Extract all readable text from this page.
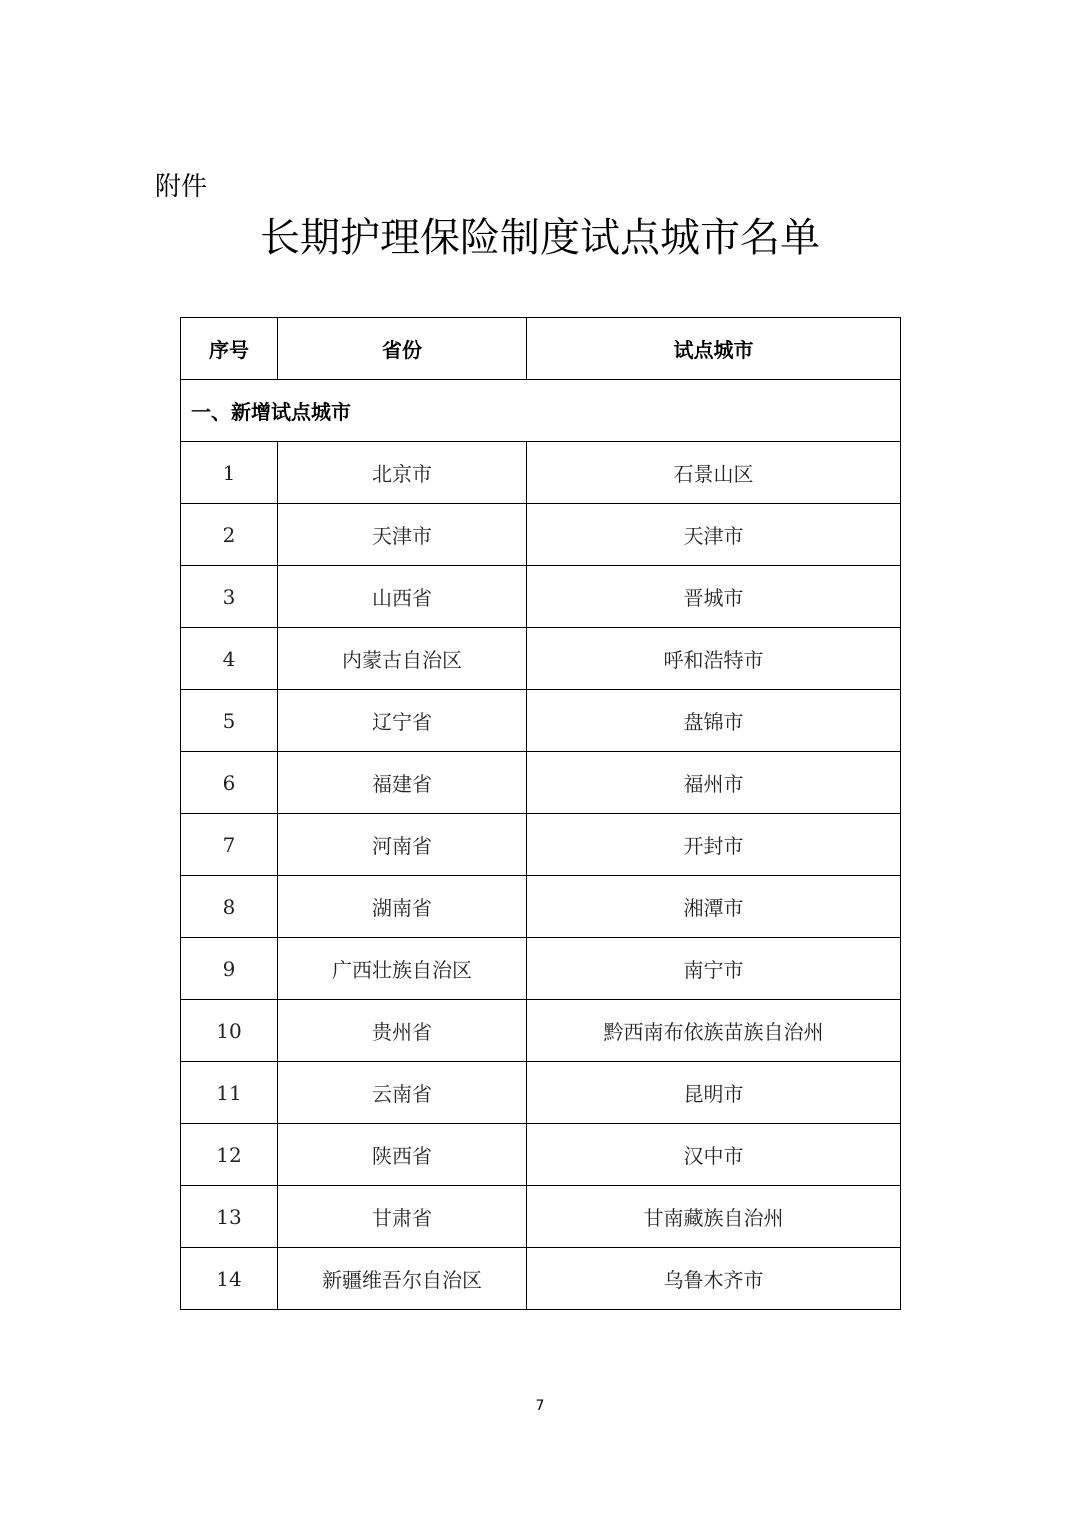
附件
长期护理保险制度试点城市名单
序号	省份	试点城市
一、新增试点城市		
1	北京市	石景山区
2	天津市	天津市
3	山西省	晋城市
4	内蒙古自治区	呼和浩特市
5	辽宁省	盘锦市
6	福建省	福州市
7	河南省	开封市
8	湖南省	湘潭市
9	广西壮族自治区	南宁市
10	贵州省	黔西南布依族苗族自治州
11	云南省	昆明市
12	陕西省	汉中市
13	甘肃省	甘南藏族自治州
14	新疆维吾尔自治区	乌鲁木齐市
7
